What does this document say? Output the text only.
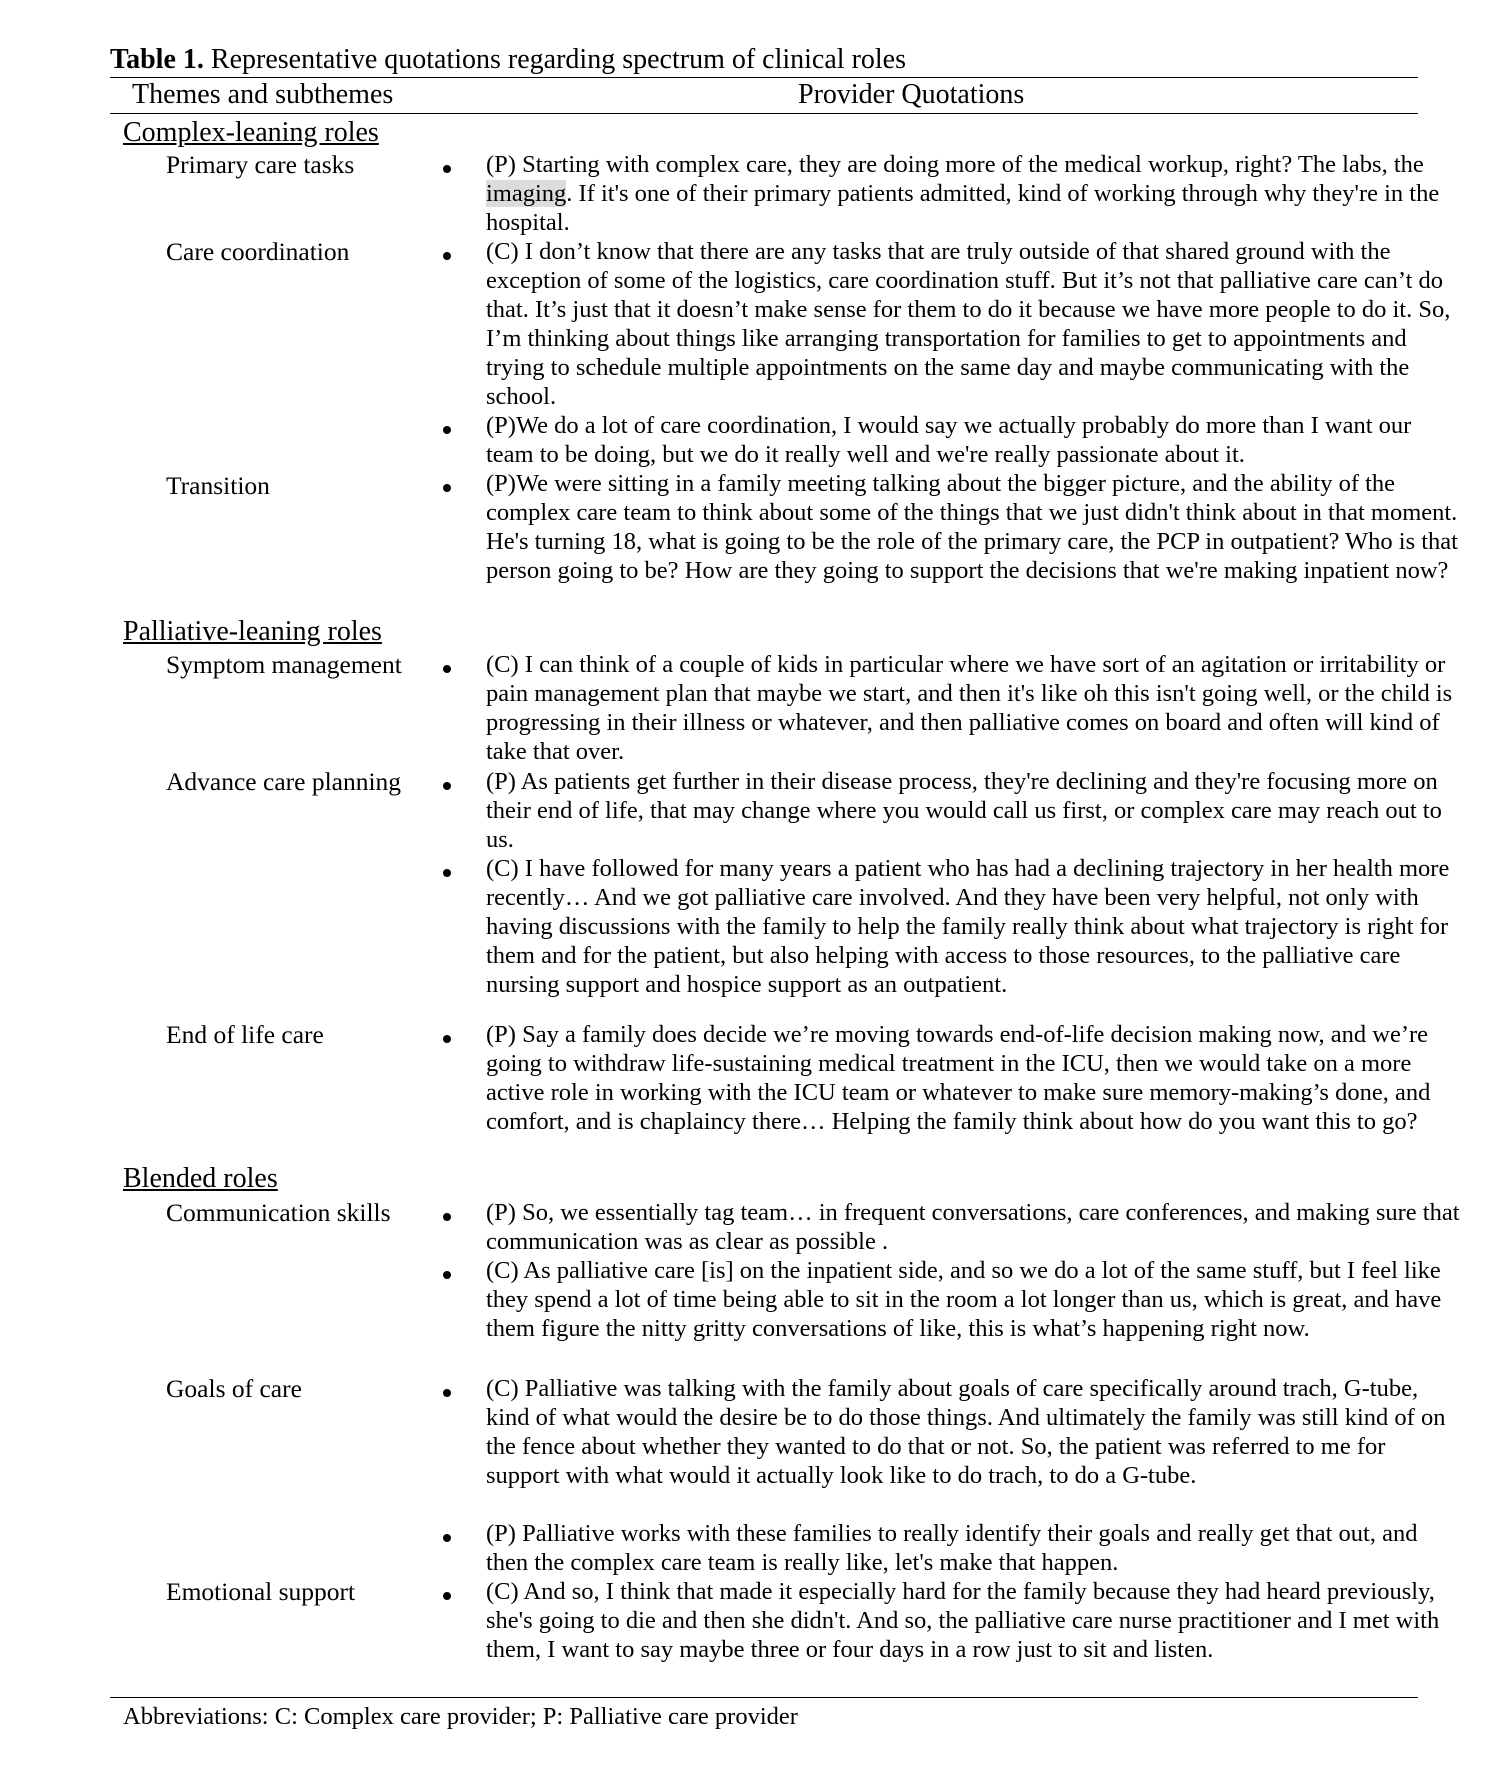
Table 1. Representative quotations regarding spectrum of clinical roles
Themes and subthemes	Provider Quotations
Complex-leaning roles
Primary care tasks	(P) Starting with complex care, they are doing more of the medical workup, right? The labs, the imaging. If it's one of their primary patients admitted, kind of working through why they're in the hospital.
Care coordination	(C) I don’t know that there are any tasks that are truly outside of that shared ground with the exception of some of the logistics, care coordination stuff. But it’s not that palliative care can’t do that. It’s just that it doesn’t make sense for them to do it because we have more people to do it. So, I’m thinking about things like arranging transportation for families to get to appointments and trying to schedule multiple appointments on the same day and maybe communicating with the school.
(P)We do a lot of care coordination, I would say we actually probably do more than I want our team to be doing, but we do it really well and we're really passionate about it.
Transition	(P)We were sitting in a family meeting talking about the bigger picture, and the ability of the complex care team to think about some of the things that we just didn't think about in that moment. He's turning 18, what is going to be the role of the primary care, the PCP in outpatient? Who is that person going to be? How are they going to support the decisions that we're making inpatient now?
Palliative-leaning roles
Symptom management	(C) I can think of a couple of kids in particular where we have sort of an agitation or irritability or pain management plan that maybe we start, and then it's like oh this isn't going well, or the child is progressing in their illness or whatever, and then palliative comes on board and often will kind of take that over.
Advance care planning	(P) As patients get further in their disease process, they're declining and they're focusing more on their end of life, that may change where you would call us first, or complex care may reach out to us.
(C) I have followed for many years a patient who has had a declining trajectory in her health more recently… And we got palliative care involved. And they have been very helpful, not only with having discussions with the family to help the family really think about what trajectory is right for them and for the patient, but also helping with access to those resources, to the palliative care nursing support and hospice support as an outpatient.
End of life care	(P) Say a family does decide we’re moving towards end-of-life decision making now, and we’re going to withdraw life-sustaining medical treatment in the ICU, then we would take on a more active role in working with the ICU team or whatever to make sure memory-making’s done, and comfort, and is chaplaincy there… Helping the family think about how do you want this to go?
Blended roles
Communication skills	(P) So, we essentially tag team… in frequent conversations, care conferences, and making sure that communication was as clear as possible .
(C) As palliative care [is] on the inpatient side, and so we do a lot of the same stuff, but I feel like they spend a lot of time being able to sit in the room a lot longer than us, which is great, and have them figure the nitty gritty conversations of like, this is what’s happening right now.
Goals of care	(C) Palliative was talking with the family about goals of care specifically around trach, G-tube, kind of what would the desire be to do those things. And ultimately the family was still kind of on the fence about whether they wanted to do that or not. So, the patient was referred to me for support with what would it actually look like to do trach, to do a G-tube.
(P) Palliative works with these families to really identify their goals and really get that out, and then the complex care team is really like, let's make that happen.
Emotional support	(C) And so, I think that made it especially hard for the family because they had heard previously, she's going to die and then she didn't. And so, the palliative care nurse practitioner and I met with them, I want to say maybe three or four days in a row just to sit and listen.
Abbreviations: C: Complex care provider; P: Palliative care provider
